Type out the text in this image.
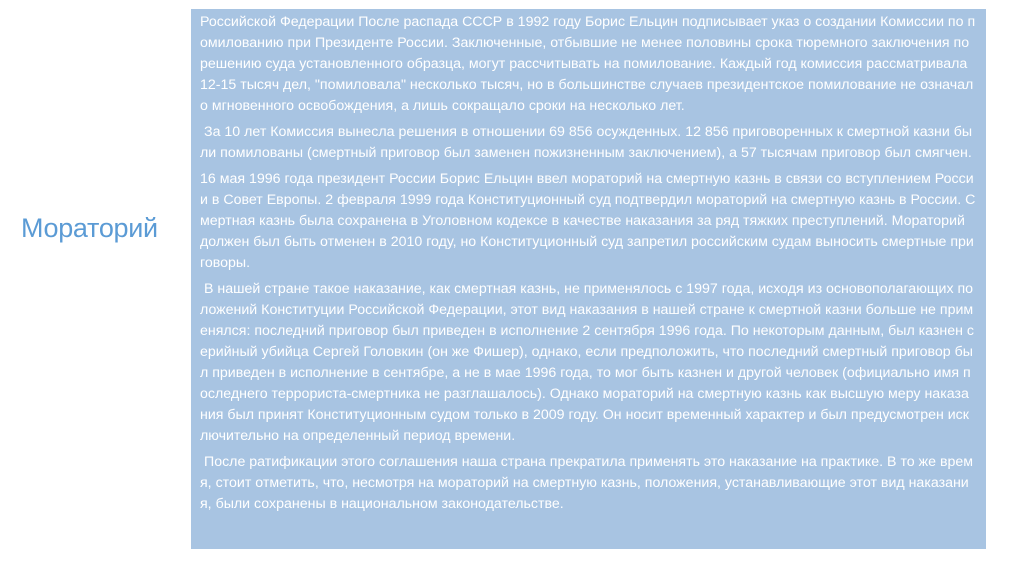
Мораторий

Российской Федерации После распада СССР в 1992 году Борис Ельцин подписывает указ о создании Комиссии по помилованию при Президенте России. Заключенные, отбывшие не менее половины срока тюремного заключения по решению суда установленного образца, могут рассчитывать на помилование. Каждый год комиссия рассматривала 12-15 тысяч дел, "помиловала" несколько тысяч, но в большинстве случаев президентское помилование не означало мгновенного освобождения, а лишь сокращало сроки на несколько лет.

За 10 лет Комиссия вынесла решения в отношении 69 856 осужденных. 12 856 приговоренных к смертной казни были помилованы (смертный приговор был заменен пожизненным заключением), а 57 тысячам приговор был смягчен.

16 мая 1996 года президент России Борис Ельцин ввел мораторий на смертную казнь в связи со вступлением России в Совет Европы. 2 февраля 1999 года Конституционный суд подтвердил мораторий на смертную казнь в России. Смертная казнь была сохранена в Уголовном кодексе в качестве наказания за ряд тяжких преступлений. Мораторий должен был быть отменен в 2010 году, но Конституционный суд запретил российским судам выносить смертные приговоры.

В нашей стране такое наказание, как смертная казнь, не применялось с 1997 года, исходя из основополагающих положений Конституции Российской Федерации, этот вид наказания в нашей стране к смертной казни больше не применялся: последний приговор был приведен в исполнение 2 сентября 1996 года. По некоторым данным, был казнен серийный убийца Сергей Головкин (он же Фишер), однако, если предположить, что последний смертный приговор был приведен в исполнение в сентябре, а не в мае 1996 года, то мог быть казнен и другой человек (официально имя последнего террориста-смертника не разглашалось). Однако мораторий на смертную казнь как высшую меру наказания был принят Конституционным судом только в 2009 году. Он носит временный характер и был предусмотрен исключительно на определенный период времени.

После ратификации этого соглашения наша страна прекратила применять это наказание на практике. В то же время, стоит отметить, что, несмотря на мораторий на смертную казнь, положения, устанавливающие этот вид наказания, были сохранены в национальном законодательстве.
